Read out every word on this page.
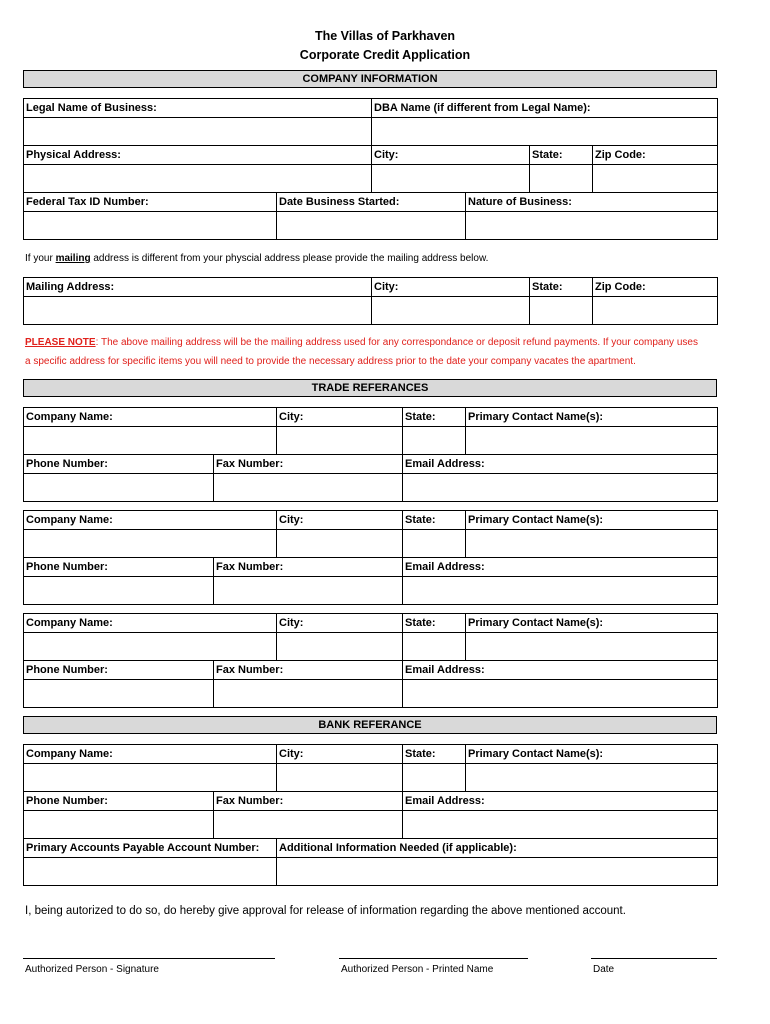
The Villas of Parkhaven
Corporate Credit Application
COMPANY INFORMATION
Legal Name of Business:	DBA Name (if different from Legal Name):
Physical Address:	City:	State:	Zip Code:
Federal Tax ID Number:	Date Business Started:	Nature of Business:
If your mailing address is different from your physcial address please provide the mailing address below.
Mailing Address:	City:	State:	Zip Code:
PLEASE NOTE: The above mailing address will be the mailing address used for any correspondance or deposit refund payments. If your company uses
a specific address for specific items you will need to provide the necessary address prior to the date your company vacates the apartment.
TRADE REFERANCES
Company Name:	City:	State:	Primary Contact Name(s):
Phone Number:	Fax Number:	Email Address:
Company Name:	City:	State:	Primary Contact Name(s):
Phone Number:	Fax Number:	Email Address:
Company Name:	City:	State:	Primary Contact Name(s):
Phone Number:	Fax Number:	Email Address:
BANK REFERANCE
Company Name:	City:	State:	Primary Contact Name(s):
Phone Number:	Fax Number:	Email Address:
Primary Accounts Payable Account Number:	Additional Information Needed (if applicable):
I, being autorized to do so, do hereby give approval for release of information regarding the above mentioned account.
Authorized Person - Signature	Authorized Person - Printed Name	Date
